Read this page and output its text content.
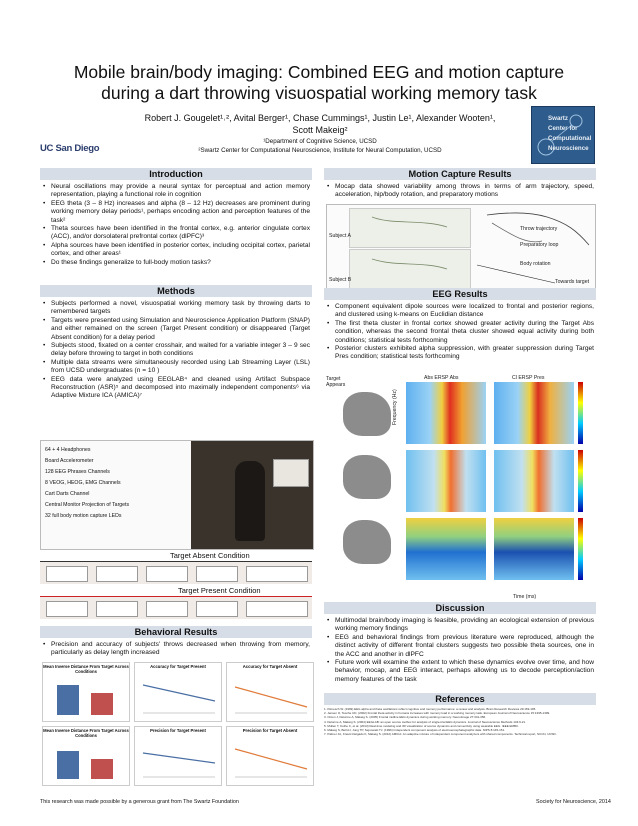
Mobile brain/body imaging: Combined EEG and motion capture
during a dart throwing visuospatial working memory task
Robert J. Gougelet¹˒², Avital Berger¹, Chase Cummings¹, Justin Le¹, Alexander Wooten¹,
Scott Makeig²
¹Department of Cognitive Science, UCSD
²Swartz Center for Computational Neuroscience, Institute for Neural Computation, UCSD
UC San Diego
Swartz
Center for
Computational
Neuroscience
Introduction
• Neural oscillations may provide a neural syntax for perceptual and action memory representation, playing a functional role in cognition
• EEG theta (3 – 8 Hz) increases and alpha (8 – 12 Hz) decreases are prominent during working memory delay periods¹, perhaps encoding action and perception features of the task²
• Theta sources have been identified in the frontal cortex, e.g. anterior cingulate cortex (ACC), and/or dorsolateral prefrontal cortex (dlPFC)³
• Alpha sources have been identified in posterior cortex, including occipital cortex, parietal cortex, and other areas¹
• Do these findings generalize to full-body motion tasks?
Methods
• Subjects performed a novel, visuospatial working memory task by throwing darts to remembered targets
• Targets were presented using Simulation and Neuroscience Application Platform (SNAP) and either remained on the screen (Target Present condition) or disappeared (Target Absent condition) for a delay period
• Subjects stood, fixated on a center crosshair, and waited for a variable integer 3 – 9 sec delay before throwing to target in both conditions
• Multiple data streams were simultaneously recorded using Lab Streaming Layer (LSL) from UCSD undergraduates (n = 10 )
• EEG data were analyzed using EEGLAB⁴ and cleaned using Artifact Subspace Reconstruction (ASR)⁵ and decomposed into maximally independent components⁶ via Adaptive Mixture ICA (AMICA)⁷
64 + 4 Headphones
Board Accelerometer
128 EEG Phrases Channels
8 VEOG, HEOG, EMG Channels
Cart Darts Channel
Central Monitor Projection of Targets
32 full body motion capture LEDs
Target Absent Condition
Target Present Condition
Behavioral Results
• Precision and accuracy of subjects' throws decreased when throwing from memory, particularly as delay length increased
Mean Inverse Distance From Target Across Conditions
Accuracy for Target Present	Accuracy for Target Absent
Mean Inverse Distance From Target Across Conditions
Precision for Target Present	Precision for Target Absent
Motion Capture Results
• Mocap data showed variability among throws in terms of arm trajectory, speed, acceleration, hip/body rotation, and preparatory motions
Subject A
Subject B
Throw trajectory
Preparatory loop
Body rotation
Towards target
EEG Results
• Component equivalent dipole sources were localized to frontal and posterior regions, and clustered using k-means on Euclidian distance
• The first theta cluster in frontal cortex showed greater activity during the Target Abs condition, whereas the second frontal theta cluster showed equal activity during both conditions; statistical tests forthcoming
• Posterior clusters exhibited alpha suppression, with greater suppression during Target Pres condition; statistical tests forthcoming
Target Appears
Abs ERSP Abs	Cl ERSP Pres
Frequency (Hz)
Time (ms)
Discussion
• Multimodal brain/body imaging is feasible, providing an ecological extension of previous working memory findings
• EEG and behavioral findings from previous literature were reproduced, although the distinct activity of different frontal clusters suggests two possible theta sources, one in the ACC and another in dlPFC
• Future work will examine the extent to which these dynamics evolve over time, and how behavior, mocap, and EEG interact, perhaps allowing us to decode perception/action memory features of the task
References
1. Klimesch W. (1999) EEG alpha and theta oscillations reflect cognitive and memory performance: a review and analysis. Brain Research Reviews 29:169-195.
2. Jensen O, Tesche CD. (2002) Frontal theta activity in humans increases with memory load in a working memory task. European Journal of Neuroscience 15:1395-1399.
3. Onton J, Delorme A, Makeig S. (2005) Frontal midline EEG dynamics during working memory. NeuroImage 27:341-356.
4. Delorme A, Makeig S. (2004) EEGLAB: an open source toolbox for analysis of single-trial EEG dynamics. Journal of Neuroscience Methods 134:9-21.
5. Mullen T, Kothe C, et al. (2013) Real-time modeling and 3D visualization of source dynamics and connectivity using wearable EEG. IEEE EMBC.
6. Makeig S, Bell AJ, Jung TP, Sejnowski TJ. (1996) Independent component analysis of electroencephalographic data. NIPS 8:145-151.
7. Palmer JA, Kreutz-Delgado K, Makeig S. (2012) AMICA: An adaptive mixture of independent component analyzers with shared components. Technical report, SCCN, UCSD.
This research was made possible by a generous grant from The Swartz Foundation	Society for Neuroscience, 2014
